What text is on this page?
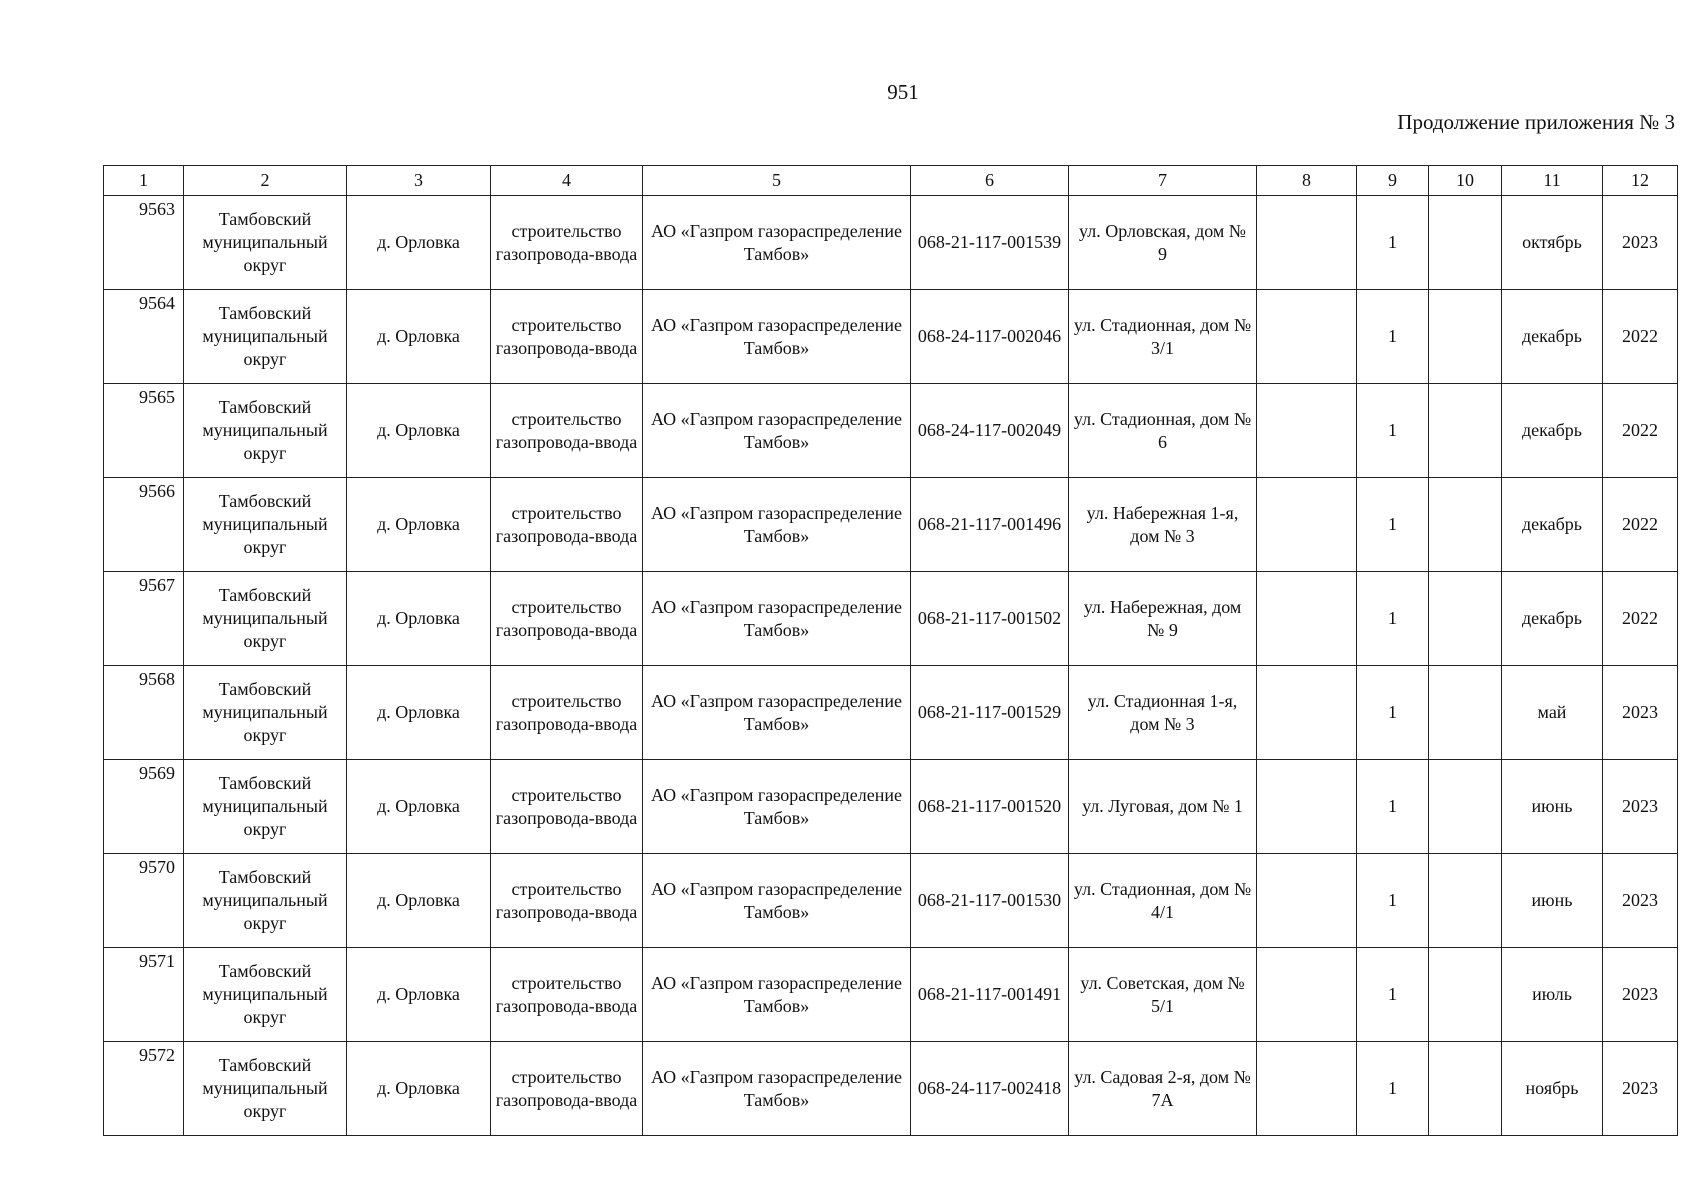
951
Продолжение приложения № 3
1	2	3	4	5	6	7	8	9	10	11	12
9563	Тамбовский муниципальный округ	д. Орловка	строительство газопровода-ввода	АО «Газпром газораспределение Тамбов»	068-21-117-001539	ул. Орловская, дом № 9		1		октябрь	2023
9564	Тамбовский муниципальный округ	д. Орловка	строительство газопровода-ввода	АО «Газпром газораспределение Тамбов»	068-24-117-002046	ул. Стадионная, дом № 3/1		1		декабрь	2022
9565	Тамбовский муниципальный округ	д. Орловка	строительство газопровода-ввода	АО «Газпром газораспределение Тамбов»	068-24-117-002049	ул. Стадионная, дом № 6		1		декабрь	2022
9566	Тамбовский муниципальный округ	д. Орловка	строительство газопровода-ввода	АО «Газпром газораспределение Тамбов»	068-21-117-001496	ул. Набережная 1-я, дом № 3		1		декабрь	2022
9567	Тамбовский муниципальный округ	д. Орловка	строительство газопровода-ввода	АО «Газпром газораспределение Тамбов»	068-21-117-001502	ул. Набережная, дом № 9		1		декабрь	2022
9568	Тамбовский муниципальный округ	д. Орловка	строительство газопровода-ввода	АО «Газпром газораспределение Тамбов»	068-21-117-001529	ул. Стадионная 1-я, дом № 3		1		май	2023
9569	Тамбовский муниципальный округ	д. Орловка	строительство газопровода-ввода	АО «Газпром газораспределение Тамбов»	068-21-117-001520	ул. Луговая, дом № 1		1		июнь	2023
9570	Тамбовский муниципальный округ	д. Орловка	строительство газопровода-ввода	АО «Газпром газораспределение Тамбов»	068-21-117-001530	ул. Стадионная, дом № 4/1		1		июнь	2023
9571	Тамбовский муниципальный округ	д. Орловка	строительство газопровода-ввода	АО «Газпром газораспределение Тамбов»	068-21-117-001491	ул. Советская, дом № 5/1		1		июль	2023
9572	Тамбовский муниципальный округ	д. Орловка	строительство газопровода-ввода	АО «Газпром газораспределение Тамбов»	068-24-117-002418	ул. Садовая 2-я, дом № 7А		1		ноябрь	2023
